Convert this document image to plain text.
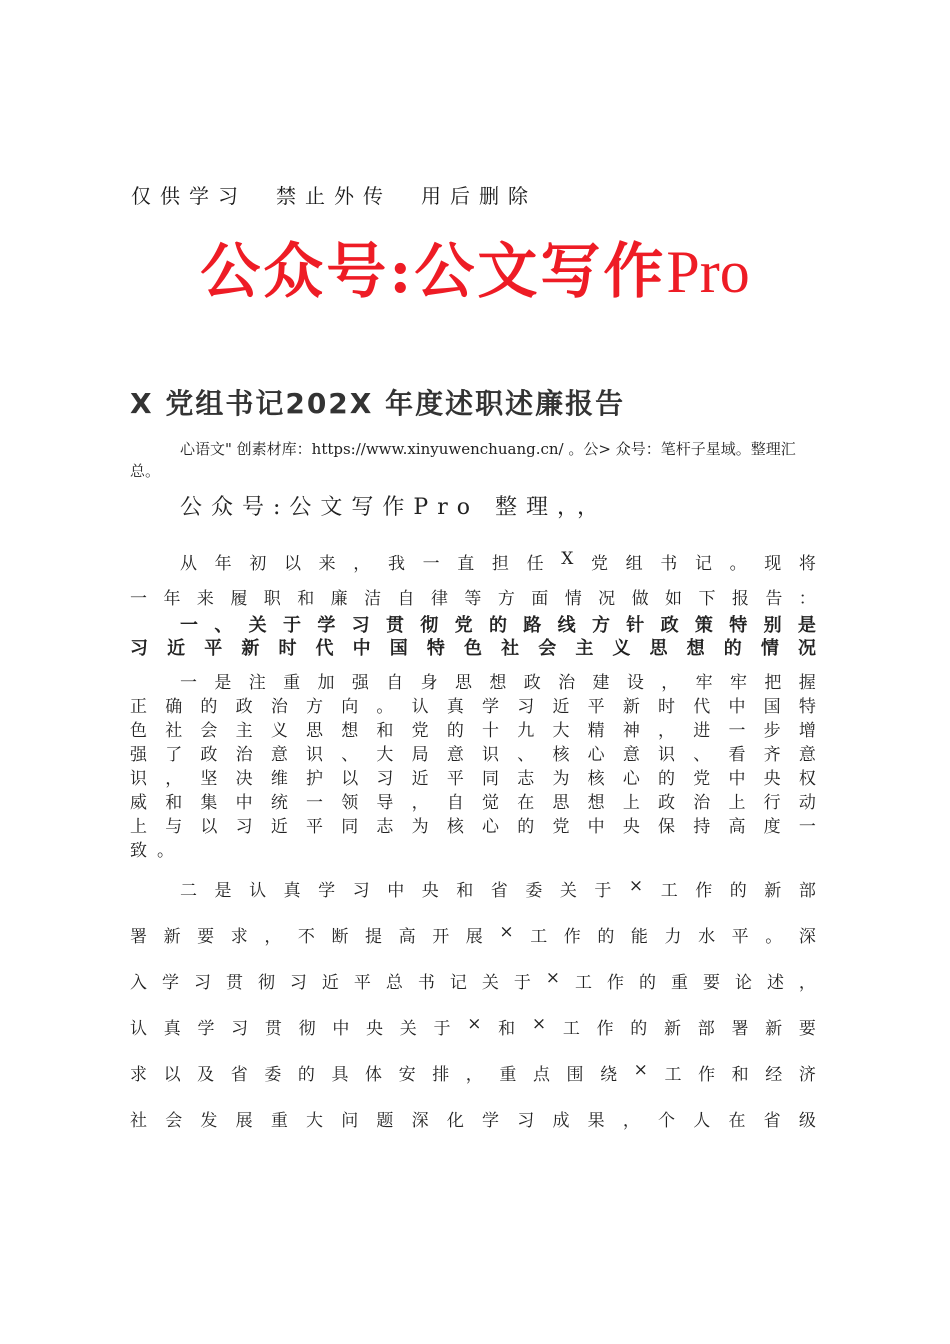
仅供学习　禁止外传　用后删除
公众号:公文写作Pro
X 党组书记202X 年度述职述廉报告
心语文" 创素材库：https://www.xinyuwenchuang.cn/ 。公> 众号：笔杆子星域。整理汇
总。
公众号:公文写作Pro 整理，，
从 年 初 以 来 ， 我 一 直 担 任 X 党 组 书 记 。 现 将
一 年 来 履 职 和 廉 洁 自 律 等 方 面 情 况 做 如 下 报 告 ：
一 、 关 于 学 习 贯 彻 党 的 路 线 方 针 政 策 特 别 是
习 近 平 新 时 代 中 国 特 色 社 会 主 义 思 想 的 情 况
一 是 注 重 加 强 自 身 思 想 政 治 建 设 ， 牢 牢 把 握
正 确 的 政 治 方 向 。 认 真 学 习 近 平 新 时 代 中 国 特
色 社 会 主 义 思 想 和 党 的 十 九 大 精 神 ， 进 一 步 增
强 了 政 治 意 识 、 大 局 意 识 、 核 心 意 识 、 看 齐 意
识 ， 坚 决 维 护 以 习 近 平 同 志 为 核 心 的 党 中 央 权
威 和 集 中 统 一 领 导 ， 自 觉 在 思 想 上 政 治 上 行 动
上 与 以 习 近 平 同 志 为 核 心 的 党 中 央 保 持 高 度 一
致 。
二 是 认 真 学 习 中 央 和 省 委 关 于 × 工 作 的 新 部
署 新 要 求 ， 不 断 提 高 开 展 × 工 作 的 能 力 水 平 。 深
入 学 习 贯 彻 习 近 平 总 书 记 关 于 × 工 作 的 重 要 论 述 ，
认 真 学 习 贯 彻 中 央 关 于 × 和 × 工 作 的 新 部 署 新 要
求 以 及 省 委 的 具 体 安 排 ， 重 点 围 绕 × 工 作 和 经 济
社 会 发 展 重 大 问 题 深 化 学 习 成 果 ， 个 人 在 省 级
